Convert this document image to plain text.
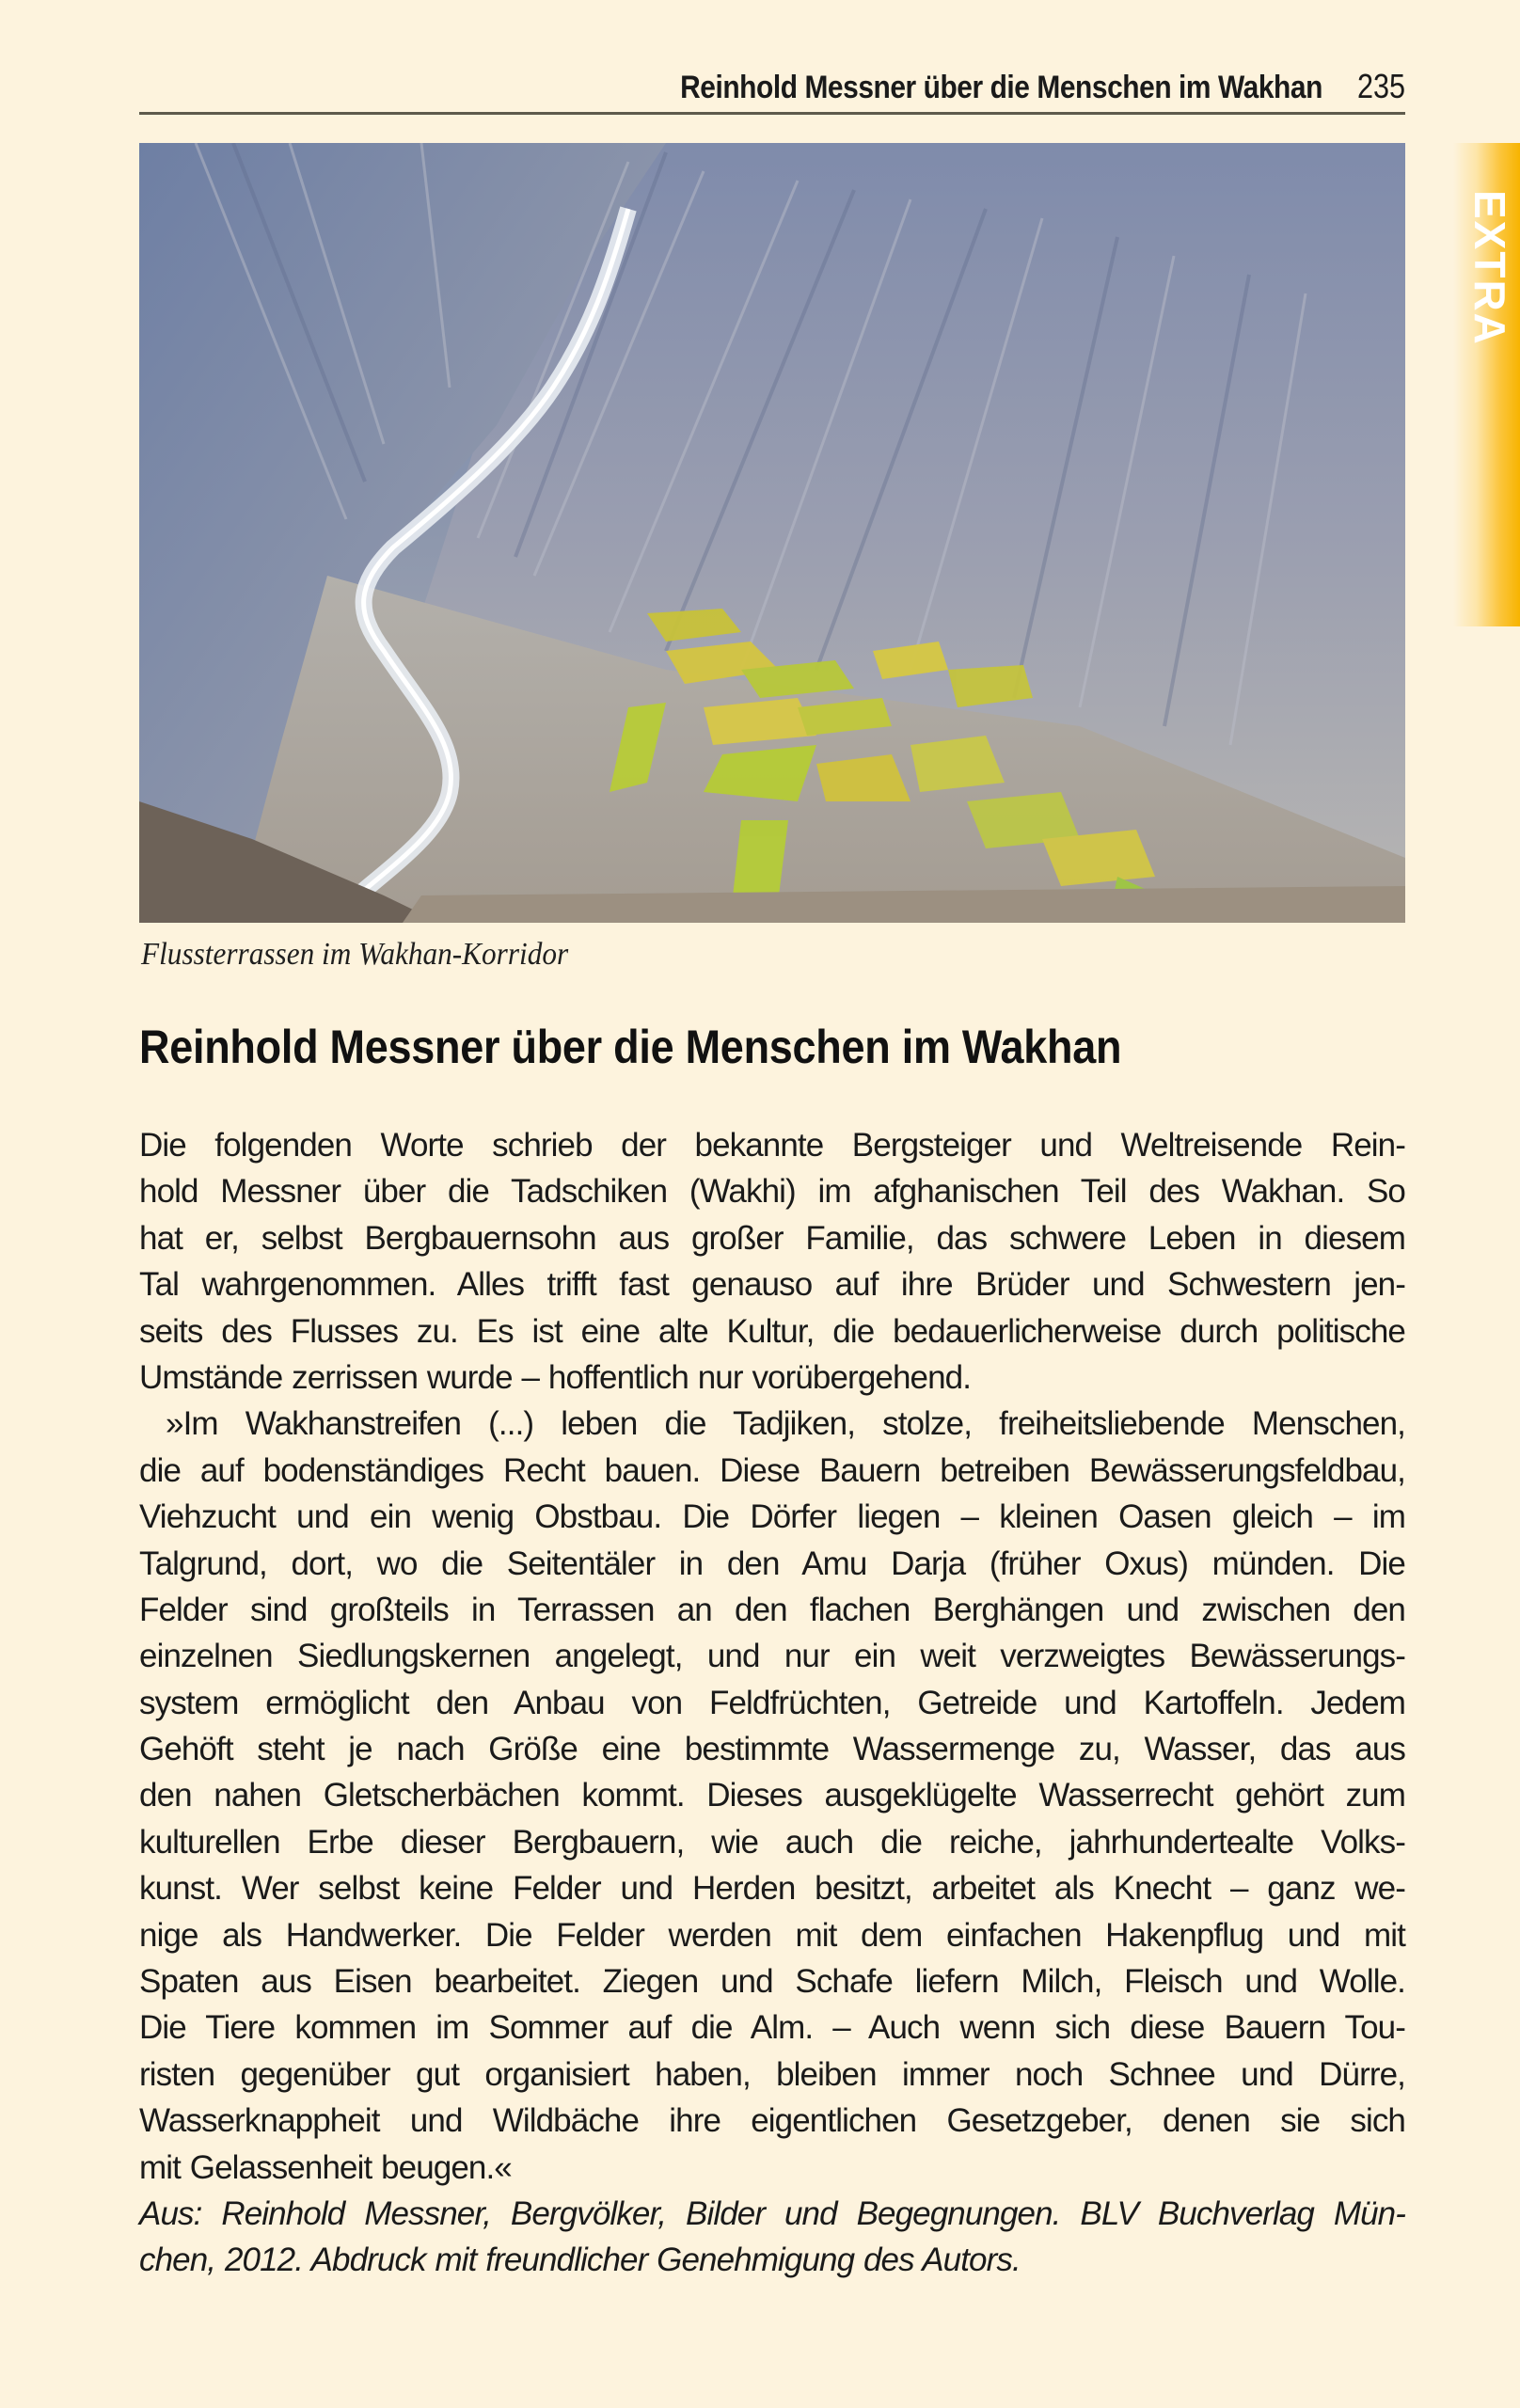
Reinhold Messner über die Menschen im Wakhan 235
EXTRA
Flussterrassen im Wakhan-Korridor
Reinhold Messner über die Menschen im Wakhan
Die folgenden Worte schrieb der bekannte Bergsteiger und Weltreisende Rein-
hold Messner über die Tadschiken (Wakhi) im afghanischen Teil des Wakhan. So
hat er, selbst Bergbauernsohn aus großer Familie, das schwere Leben in diesem
Tal wahrgenommen. Alles trifft fast genauso auf ihre Brüder und Schwestern jen-
seits des Flusses zu. Es ist eine alte Kultur, die bedauerlicherweise durch politische
Umstände zerrissen wurde – hoffentlich nur vorübergehend.
»Im Wakhanstreifen (...) leben die Tadjiken, stolze, freiheitsliebende Menschen,
die auf bodenständiges Recht bauen. Diese Bauern betreiben Bewässerungsfeldbau,
Viehzucht und ein wenig Obstbau. Die Dörfer liegen – kleinen Oasen gleich – im
Talgrund, dort, wo die Seitentäler in den Amu Darja (früher Oxus) münden. Die
Felder sind großteils in Terrassen an den flachen Berghängen und zwischen den
einzelnen Siedlungskernen angelegt, und nur ein weit verzweigtes Bewässerungs-
system ermöglicht den Anbau von Feldfrüchten, Getreide und Kartoffeln. Jedem
Gehöft steht je nach Größe eine bestimmte Wassermenge zu, Wasser, das aus
den nahen Gletscherbächen kommt. Dieses ausgeklügelte Wasserrecht gehört zum
kulturellen Erbe dieser Bergbauern, wie auch die reiche, jahrhundertealte Volks-
kunst. Wer selbst keine Felder und Herden besitzt, arbeitet als Knecht – ganz we-
nige als Handwerker. Die Felder werden mit dem einfachen Hakenpflug und mit
Spaten aus Eisen bearbeitet. Ziegen und Schafe liefern Milch, Fleisch und Wolle.
Die Tiere kommen im Sommer auf die Alm. – Auch wenn sich diese Bauern Tou-
risten gegenüber gut organisiert haben, bleiben immer noch Schnee und Dürre,
Wasserknappheit und Wildbäche ihre eigentlichen Gesetzgeber, denen sie sich
mit Gelassenheit beugen.«
Aus: Reinhold Messner, Bergvölker, Bilder und Begegnungen. BLV Buchverlag Mün-
chen, 2012. Abdruck mit freundlicher Genehmigung des Autors.
